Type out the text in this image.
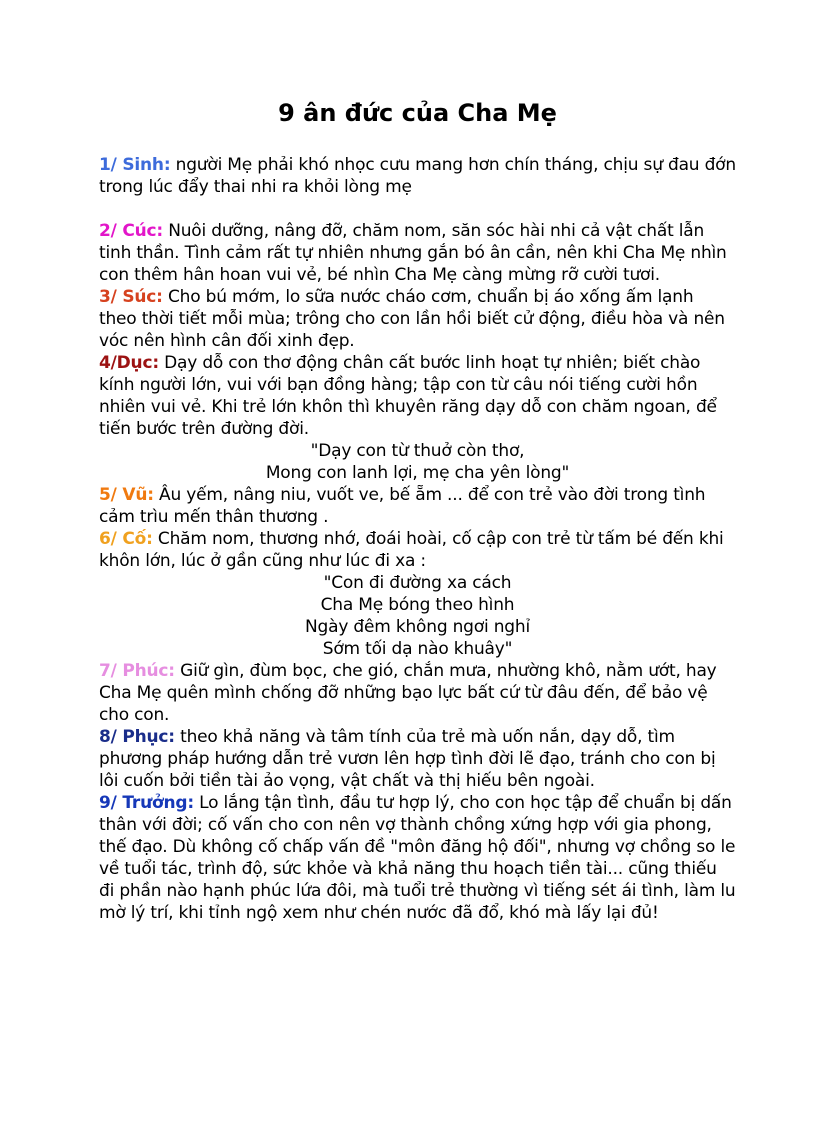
9 ân đức của Cha Mẹ

1/ Sinh: người Mẹ phải khó nhọc cưu mang hơn chín tháng, chịu sự đau đớn trong lúc đẩy thai nhi ra khỏi lòng mẹ

2/ Cúc: Nuôi dưỡng, nâng đỡ, chăm nom, săn sóc hài nhi cả vật chất lẫn tinh thần. Tình cảm rất tự nhiên nhưng gắn bó ân cần, nên khi Cha Mẹ nhìn con thêm hân hoan vui vẻ, bé nhìn Cha Mẹ càng mừng rỡ cười tươi.

3/ Súc: Cho bú mớm, lo sữa nước cháo cơm, chuẩn bị áo xống ấm lạnh theo thời tiết mỗi mùa; trông cho con lần hồi biết cử động, điều hòa và nên vóc nên hình cân đối xinh đẹp.

4/Dục: Dạy dỗ con thơ động chân cất bước linh hoạt tự nhiên; biết chào kính người lớn, vui với bạn đồng hàng; tập con từ câu nói tiếng cười hồn nhiên vui vẻ. Khi trẻ lớn khôn thì khuyên răng dạy dỗ con chăm ngoan, để tiến bước trên đường đời.

"Dạy con từ thuở còn thơ,
Mong con lanh lợi, mẹ cha yên lòng"

5/ Vũ: Âu yếm, nâng niu, vuốt ve, bế ẵm ... để con trẻ vào đời trong tình cảm trìu mến thân thương .

6/ Cố: Chăm nom, thương nhớ, đoái hoài, cố cập con trẻ từ tấm bé đến khi khôn lớn, lúc ở gần cũng như lúc đi xa :

"Con đi đường xa cách
Cha Mẹ bóng theo hình
Ngày đêm không ngơi nghỉ
Sớm tối dạ nào khuây"

7/ Phúc: Giữ gìn, đùm bọc, che gió, chắn mưa, nhường khô, nằm ướt, hay Cha Mẹ quên mình chống đỡ những bạo lực bất cứ từ đâu đến, để bảo vệ cho con.

8/ Phục: theo khả năng và tâm tính của trẻ mà uốn nắn, dạy dỗ, tìm phương pháp hướng dẫn trẻ vươn lên hợp tình đời lẽ đạo, tránh cho con bị lôi cuốn bởi tiền tài ảo vọng, vật chất và thị hiếu bên ngoài.

9/ Trưởng: Lo lắng tận tình, đầu tư hợp lý, cho con học tập để chuẩn bị dấn thân với đời; cố vấn cho con nên vợ thành chồng xứng hợp với gia phong, thế đạo. Dù không cố chấp vấn đề "môn đăng hộ đối", nhưng vợ chồng so le về tuổi tác, trình độ, sức khỏe và khả năng thu hoạch tiền tài... cũng thiếu đi phần nào hạnh phúc lứa đôi, mà tuổi trẻ thường vì tiếng sét ái tình, làm lu mờ lý trí, khi tỉnh ngộ xem như chén nước đã đổ, khó mà lấy lại đủ!
